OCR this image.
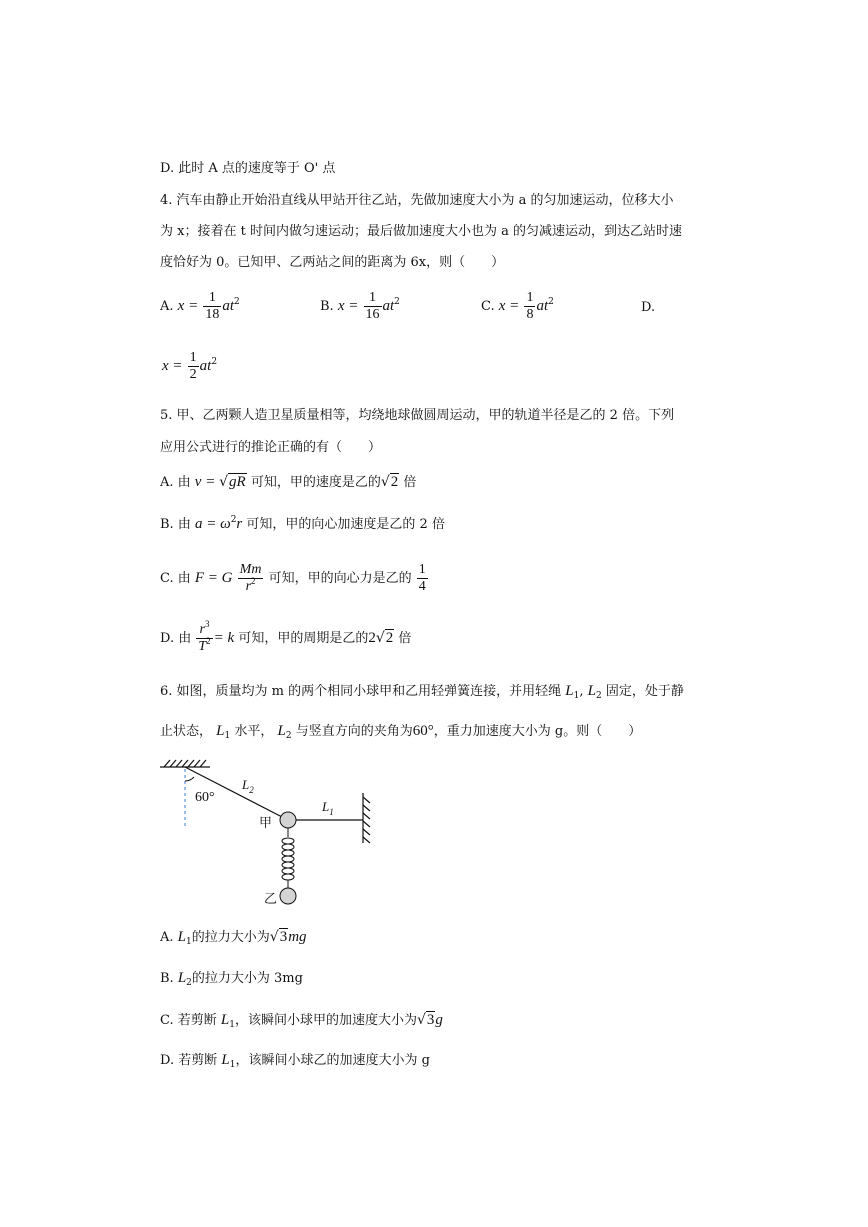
D. 此时 A 点的速度等于 O' 点
4. 汽车由静止开始沿直线从甲站开往乙站，先做加速度大小为 a 的匀加速运动，位移大小
为 x；接着在 t 时间内做匀速运动；最后做加速度大小也为 a 的匀减速运动，到达乙站时速
度恰好为 0。已知甲、乙两站之间的距离为 6x，则（　　）
A. $x = \frac{1}{18} at^2$	B. $x = \frac{1}{16} at^2$	C. $x = \frac{1}{8} at^2$	D.
$x = \frac{1}{2} at^2$
5. 甲、乙两颗人造卫星质量相等，均绕地球做圆周运动，甲的轨道半径是乙的 2 倍。下列
应用公式进行的推论正确的有（　　）
A. 由 v = √gR 可知，甲的速度是乙的√2 倍
B. 由 $a = \omega^2r$ 可知，甲的向心加速度是乙的 2 倍
C. 由 F = G $\frac{Mm}{r^2}$ 可知，甲的向心力是乙的 $\frac{1}{4}$
D. 由 $\frac{r^3}{T^2} = k$ 可知，甲的周期是乙的2√2 倍
6. 如图，质量均为 m 的两个相同小球甲和乙用轻弹簧连接，并用轻绳 $L_1$, $L_2$ 固定，处于静
止状态， $L_1$ 水平， $L_2$ 与竖直方向的夹角为60°，重力加速度大小为 g。则（　　）
60°
$L_2$
$L_1$
甲
乙
A. $L_1$的拉力大小为√3mg
B. $L_2$的拉力大小为 3mg
C. 若剪断 $L_1$，该瞬间小球甲的加速度大小为√3g
D. 若剪断 $L_1$，该瞬间小球乙的加速度大小为 g
